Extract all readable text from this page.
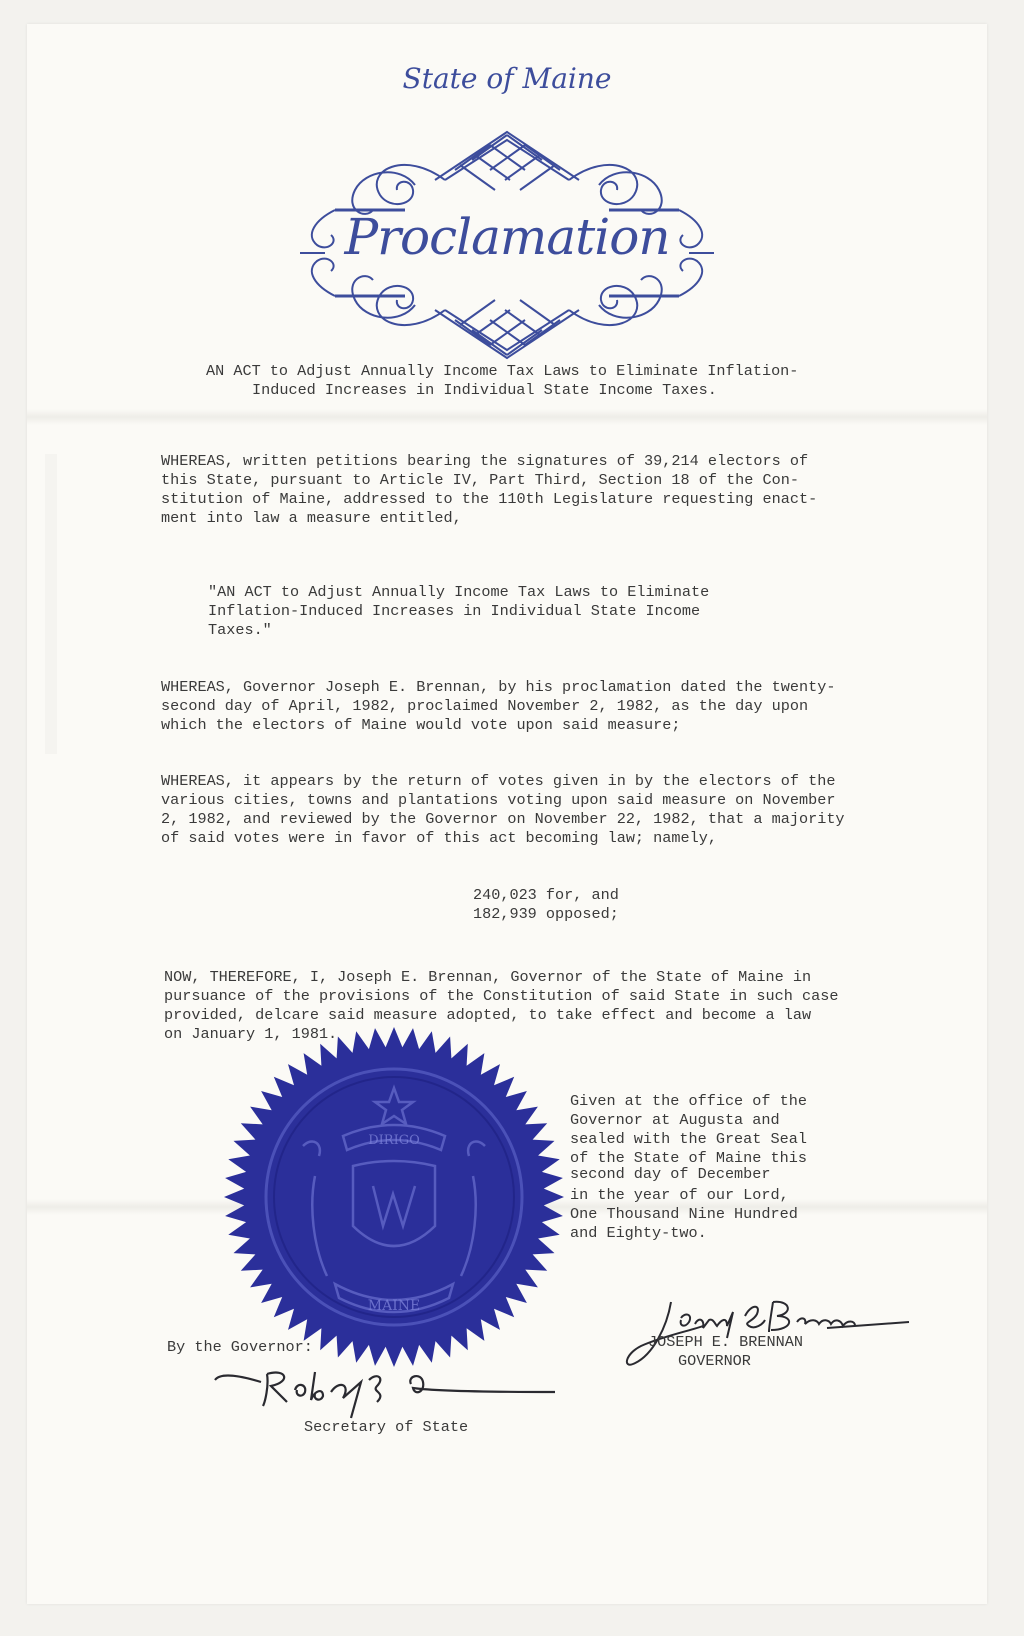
State of Maine
Proclamation
AN ACT to Adjust Annually Income Tax Laws to Eliminate Inflation-
Induced Increases in Individual State Income Taxes.
WHEREAS, written petitions bearing the signatures of 39,214 electors of
this State, pursuant to Article IV, Part Third, Section 18 of the Con-
stitution of Maine, addressed to the 110th Legislature requesting enact-
ment into law a measure entitled,
"AN ACT to Adjust Annually Income Tax Laws to Eliminate
Inflation-Induced Increases in Individual State Income
Taxes."
WHEREAS, Governor Joseph E. Brennan, by his proclamation dated the twenty-
second day of April, 1982, proclaimed November 2, 1982, as the day upon
which the electors of Maine would vote upon said measure;
WHEREAS, it appears by the return of votes given in by the electors of the
various cities, towns and plantations voting upon said measure on November
2, 1982, and reviewed by the Governor on November 22, 1982, that a majority
of said votes were in favor of this act becoming law; namely,
240,023 for, and
182,939 opposed;
NOW, THEREFORE, I, Joseph E. Brennan, Governor of the State of Maine in
pursuance of the provisions of the Constitution of said State in such case
provided, delcare said measure adopted, to take effect and become a law
on January 1, 1981.
DIRIGO
MAINE
Given at the office of the
Governor at Augusta and
sealed with the Great Seal
of the State of Maine this
second day of December
in the year of our Lord,
One Thousand Nine Hundred
and Eighty-two.
JOSEPH E. BRENNAN
GOVERNOR
By the Governor:
Secretary of State
